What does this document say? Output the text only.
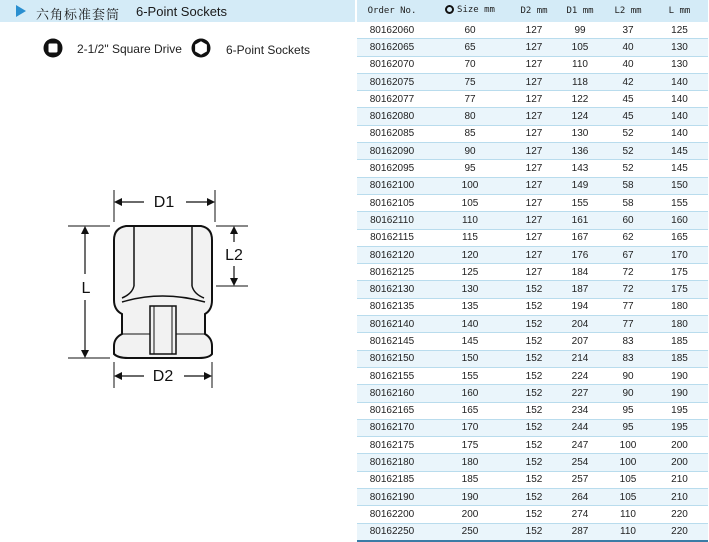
六角标准套筒 6-Point Sockets
2-1/2" Square Drive	6-Point Sockets
D1
L
L2
D2
Order No.	Size mm	D2 mm	D1 mm	L2 mm	L mm
80162060	60	127	99	37	125
80162065	65	127	105	40	130
80162070	70	127	110	40	130
80162075	75	127	118	42	140
80162077	77	127	122	45	140
80162080	80	127	124	45	140
80162085	85	127	130	52	140
80162090	90	127	136	52	145
80162095	95	127	143	52	145
80162100	100	127	149	58	150
80162105	105	127	155	58	155
80162110	110	127	161	60	160
80162115	115	127	167	62	165
80162120	120	127	176	67	170
80162125	125	127	184	72	175
80162130	130	152	187	72	175
80162135	135	152	194	77	180
80162140	140	152	204	77	180
80162145	145	152	207	83	185
80162150	150	152	214	83	185
80162155	155	152	224	90	190
80162160	160	152	227	90	190
80162165	165	152	234	95	195
80162170	170	152	244	95	195
80162175	175	152	247	100	200
80162180	180	152	254	100	200
80162185	185	152	257	105	210
80162190	190	152	264	105	210
80162200	200	152	274	110	220
80162250	250	152	287	110	220
